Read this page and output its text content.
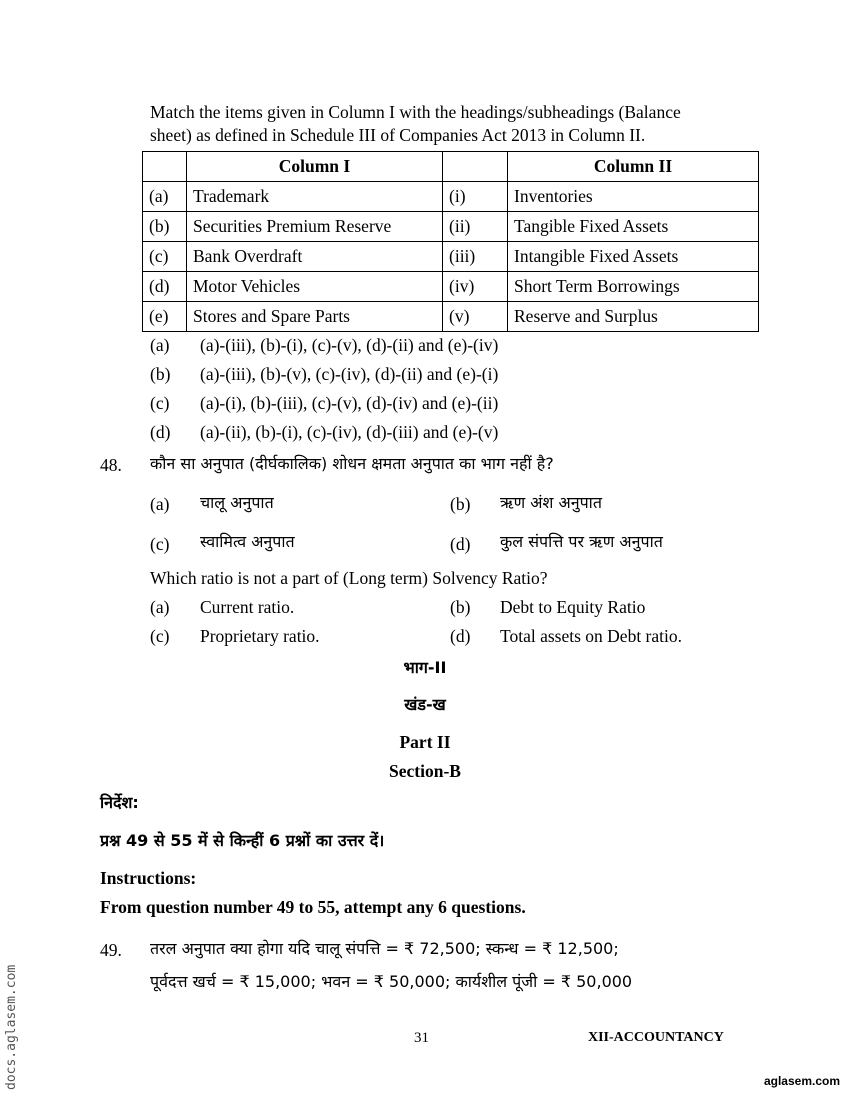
Match the items given in Column I with the headings/subheadings (Balance
sheet) as defined in Schedule III of Companies Act 2013 in Column II.
	Column I		Column II
(a)	Trademark	(i)	Inventories
(b)	Securities Premium Reserve	(ii)	Tangible Fixed Assets
(c)	Bank Overdraft	(iii)	Intangible Fixed Assets
(d)	Motor Vehicles	(iv)	Short Term Borrowings
(e)	Stores and Spare Parts	(v)	Reserve and Surplus
(a) (a)-(iii), (b)-(i), (c)-(v), (d)-(ii) and (e)-(iv)
(b) (a)-(iii), (b)-(v), (c)-(iv), (d)-(ii) and (e)-(i)
(c) (a)-(i), (b)-(iii), (c)-(v), (d)-(iv) and (e)-(ii)
(d) (a)-(ii), (b)-(i), (c)-(iv), (d)-(iii) and (e)-(v)
48. कौन सा अनुपात (दीर्घकालिक) शोधन क्षमता अनुपात का भाग नहीं है?
(a) चालू अनुपात	(b) ऋण अंश अनुपात
(c) स्वामित्व अनुपात	(d) कुल संपत्ति पर ऋण अनुपात
Which ratio is not a part of (Long term) Solvency Ratio?
(a) Current ratio.	(b) Debt to Equity Ratio
(c) Proprietary ratio.	(d) Total assets on Debt ratio.
भाग-II
खंड-ख
Part II
Section-B
निर्देश:
प्रश्न 49 से 55 में से किन्हीं 6 प्रश्नों का उत्तर दें।
Instructions:
From question number 49 to 55, attempt any 6 questions.
49. तरल अनुपात क्या होगा यदि चालू संपत्ति = ₹ 72,500; स्कन्ध = ₹ 12,500;
पूर्वदत्त खर्च = ₹ 15,000; भवन = ₹ 50,000; कार्यशील पूंजी = ₹ 50,000
31	XII-ACCOUNTANCY
docs.aglasem.com	aglasem.com
